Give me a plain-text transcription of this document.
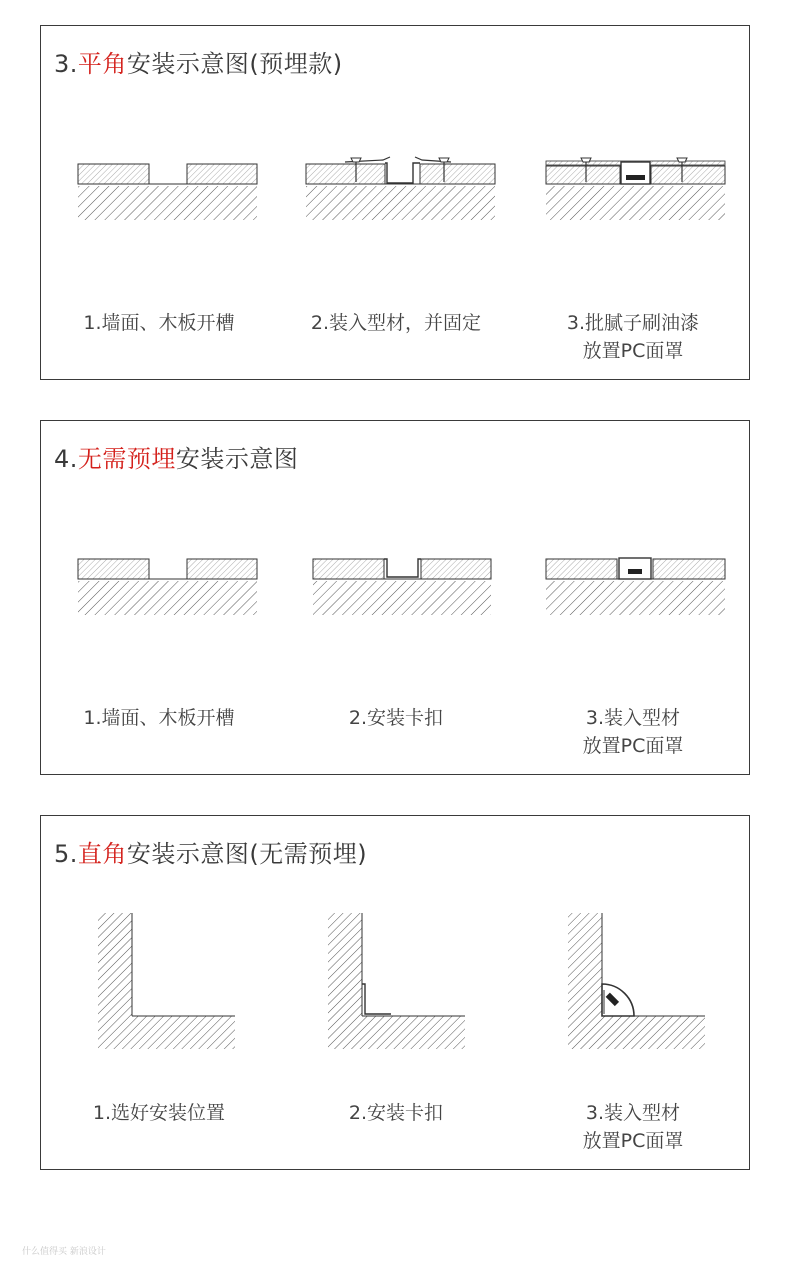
3.平角安装示意图(预埋款)
1.墙面、木板开槽	2.装入型材，并固定	3.批腻子刷油漆
放置PC面罩
4.无需预埋安装示意图
1.墙面、木板开槽	2.安装卡扣	3.装入型材
放置PC面罩
5.直角安装示意图(无需预埋)
1.选好安装位置	2.安装卡扣	3.装入型材
放置PC面罩
什么值得买 新浪设计
